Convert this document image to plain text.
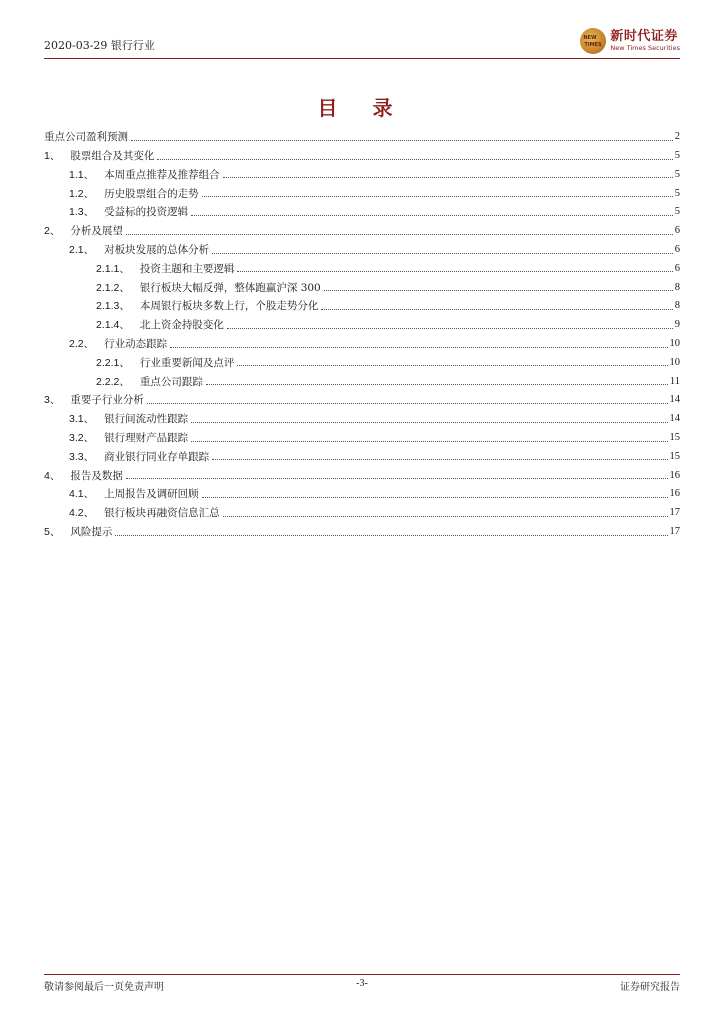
2020-03-29 银行行业
NEW
TIMES
新时代证券
New Times Securities
目 录
重点公司盈利预测	2
1、 股票组合及其变化	5
1.1、 本周重点推荐及推荐组合	5
1.2、 历史股票组合的走势	5
1.3、 受益标的投资逻辑	5
2、 分析及展望	6
2.1、 对板块发展的总体分析	6
2.1.1、 投资主题和主要逻辑	6
2.1.2、 银行板块大幅反弹，整体跑赢沪深 300	8
2.1.3、 本周银行板块多数上行，个股走势分化	8
2.1.4、 北上资金持股变化	9
2.2、 行业动态跟踪	10
2.2.1、 行业重要新闻及点评	10
2.2.2、 重点公司跟踪	11
3、 重要子行业分析	14
3.1、 银行间流动性跟踪	14
3.2、 银行理财产品跟踪	15
3.3、 商业银行同业存单跟踪	15
4、 报告及数据	16
4.1、 上周报告及调研回顾	16
4.2、 银行板块再融资信息汇总	17
5、 风险提示	17
敬请参阅最后一页免责声明	-3-	证券研究报告
